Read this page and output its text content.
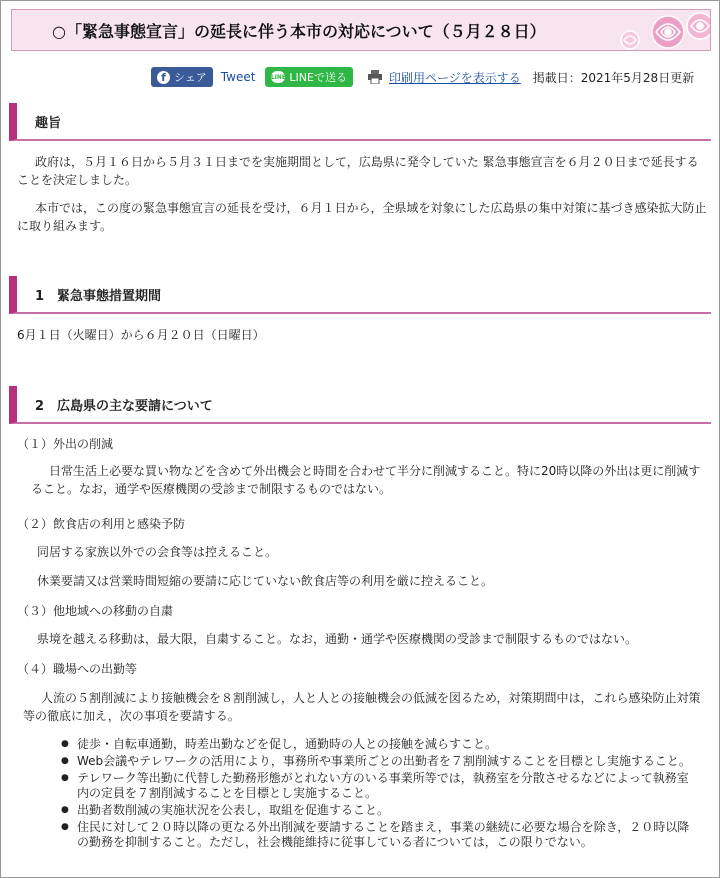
○「緊急事態宣言」の延長に伴う本市の対応について（５月２８日）
f シェア Tweet	LINE LINEで送る	印刷用ページを表示する 掲載日：2021年5月28日更新
趣旨
政府は，５月１６日から５月３１日までを実施期間として，広島県に発令していた 緊急事態宣言を６月２０日まで延長することを決定しました。
本市では，この度の緊急事態宣言の延長を受け，６月１日から，全県域を対象にした広島県の集中対策に基づき感染拡大防止に取り組みます。
1　緊急事態措置期間
6月１日（火曜日）から６月２０日（日曜日）
2　広島県の主な要請について
（１）外出の削減
日常生活上必要な買い物などを含めて外出機会と時間を合わせて半分に削減すること。特に20時以降の外出は更に削減すること。なお，通学や医療機関の受診まで制限するものではない。
（２）飲食店の利用と感染予防
同居する家族以外での会食等は控えること。
休業要請又は営業時間短縮の要請に応じていない飲食店等の利用を厳に控えること。
（３）他地域への移動の自粛
県境を越える移動は，最大限，自粛すること。なお，通勤・通学や医療機関の受診まで制限するものではない。
（４）職場への出勤等
人流の５割削減により接触機会を８割削減し，人と人との接触機会の低減を図るため，対策期間中は，これら感染防止対策等の徹底に加え，次の事項を要請する。
● 徒歩・自転車通勤，時差出勤などを促し，通勤時の人との接触を減らすこと。
● Web会議やテレワークの活用により，事務所や事業所ごとの出勤者を７割削減することを目標とし実施すること。
● テレワーク等出勤に代替した勤務形態がとれない方のいる事業所等では，執務室を分散させるなどによって執務室内の定員を７割削減することを目標とし実施すること。
● 出勤者数削減の実施状況を公表し，取組を促進すること。
● 住民に対して２０時以降の更なる外出削減を要請することを踏まえ，事業の継続に必要な場合を除き，２０時以降の勤務を抑制すること。ただし，社会機能維持に従事している者については，この限りでない。
